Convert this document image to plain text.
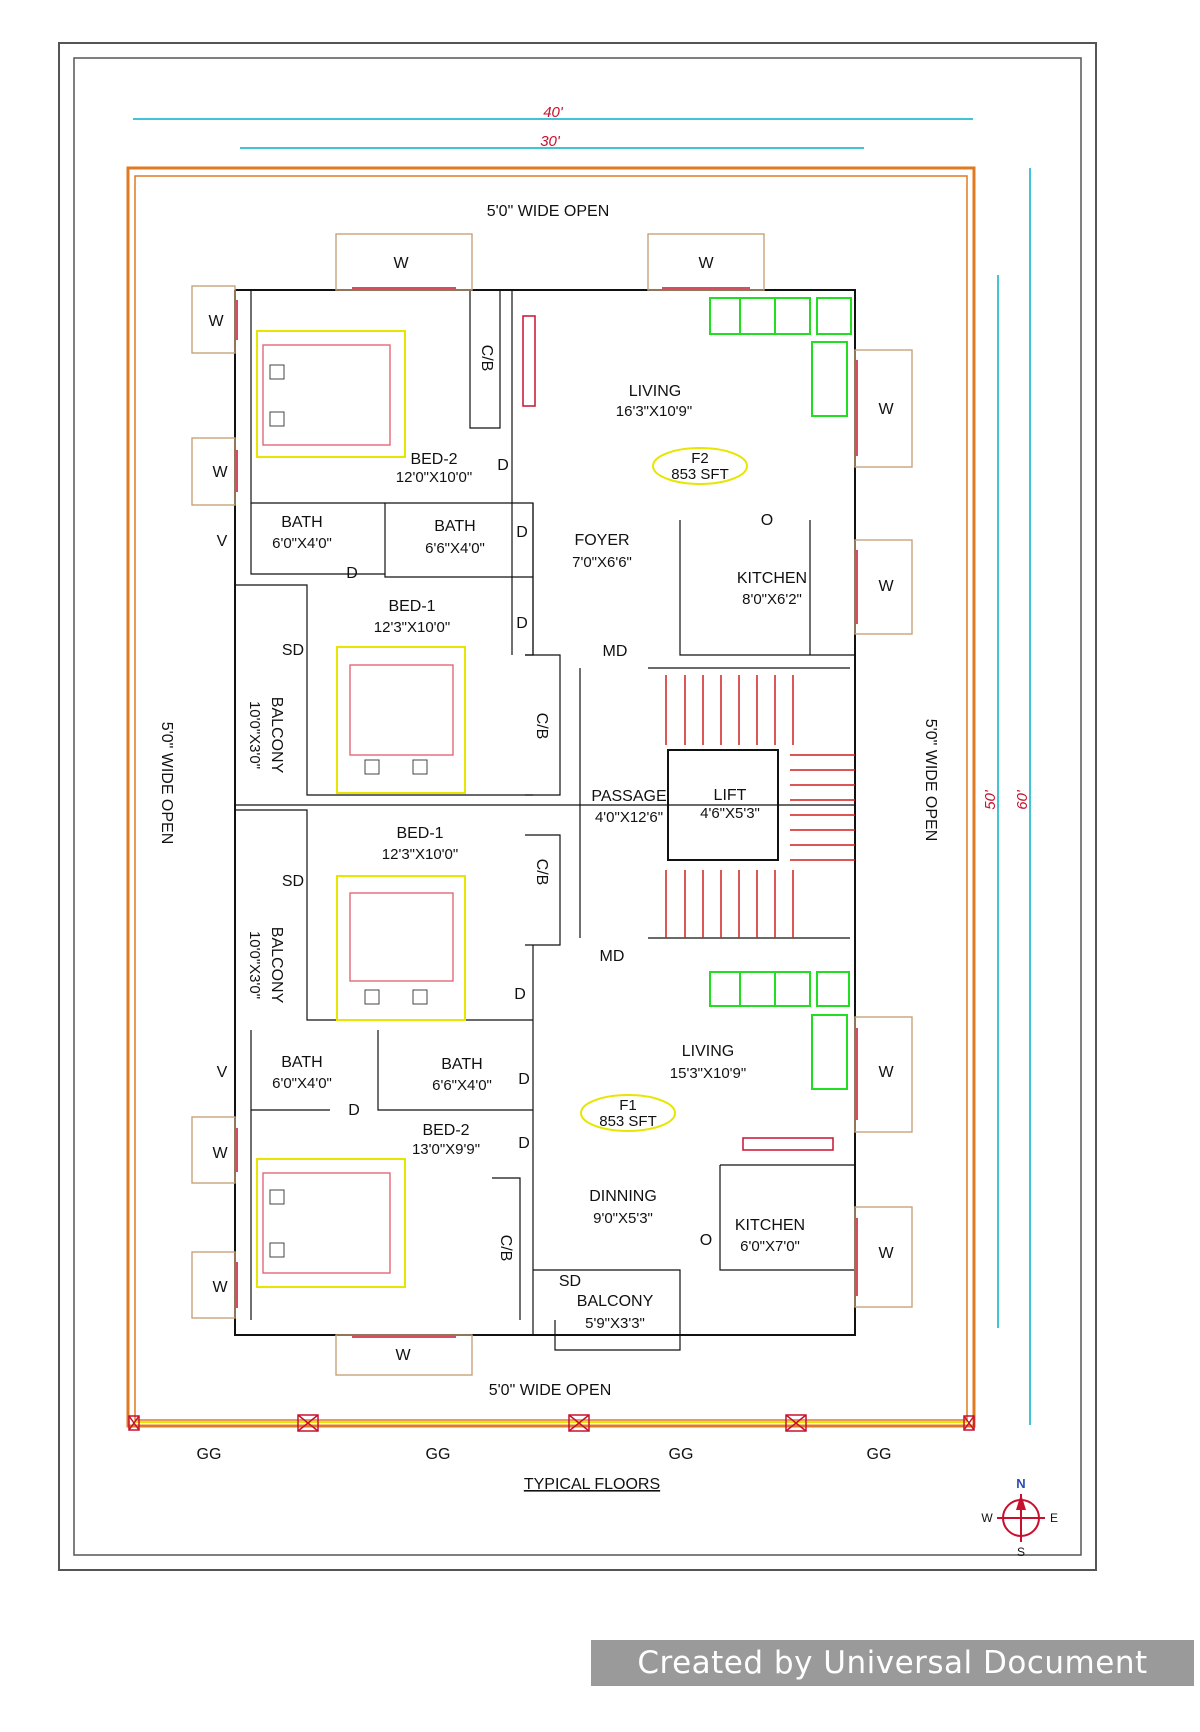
40'
30'
50' 60'
GG	GG	GG	GG
5'0" WIDE OPEN
5'0" WIDE OPEN
5'0" WIDE OPEN	5'0" WIDE OPEN
W	W
W
W
W
W
W
W
W
W
W
V
V
LIVING
16'3"X10'9"
F2
853 SFT
BED-2
12'0"X10'0"
BATH
6'0"X4'0"
BATH
6'6"X4'0"	FOYER
7'0"X6'6"
KITCHEN
8'0"X6'2"
BED-1
12'3"X10'0"
BALCONY
10'0"X3'0"
PASSAGE
4'0"X12'6"
LIFT
4'6"X5'3"
BED-1
12'3"X10'0"
BALCONY
10'0"X3'0"
BATH
6'0"X4'0"
BATH
6'6"X4'0"
BED-2
13'0"X9'9"
LIVING
15'3"X10'9"
F1
853 SFT
DINNING
9'0"X5'3"	KITCHEN
6'0"X7'0"
BALCONY
5'9"X3'3"
D
D
D
D
D
D
D
D
MD
MD
SD
SD
SD
C/B
C/B
C/B
C/B
O
O
TYPICAL FLOORS	N
S
E
W
Created by Universal Document Converter
